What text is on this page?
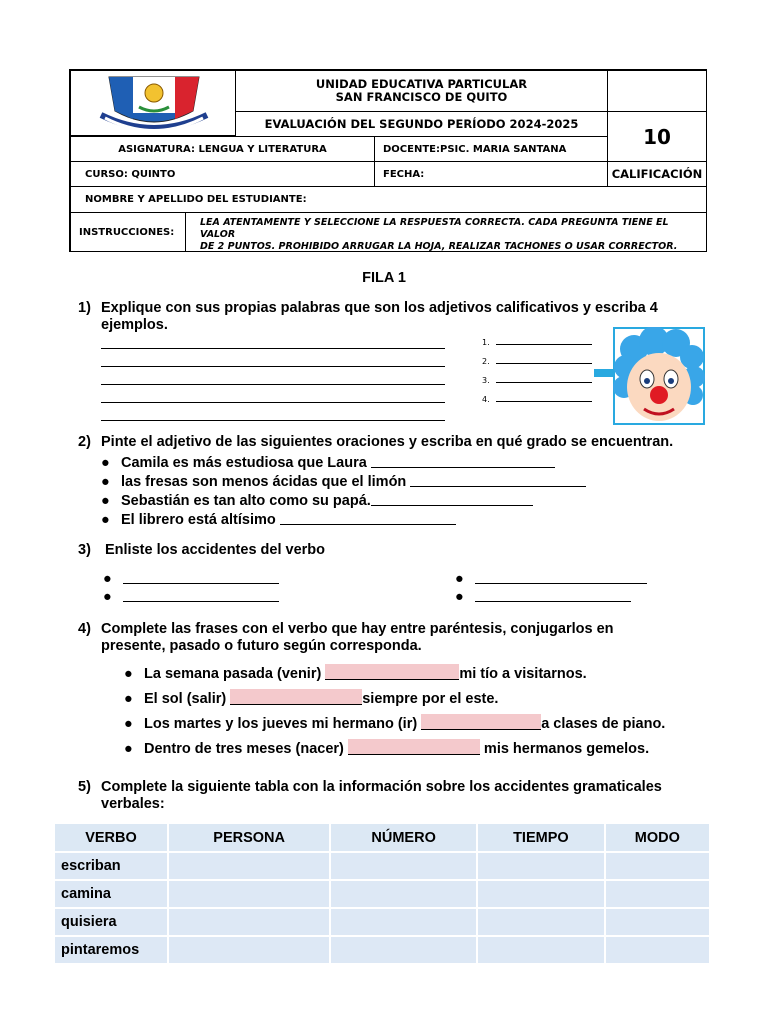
UNIDAD EDUCATIVA PARTICULAR
SAN FRANCISCO DE QUITO
EVALUACIÓN DEL SEGUNDO PERÍODO 2024-2025
10
ASIGNATURA: LENGUA Y LITERATURA	DOCENTE:PSIC. MARIA SANTANA
CURSO: QUINTO	FECHA:	CALIFICACIÓN
NOMBRE Y APELLIDO DEL ESTUDIANTE:
INSTRUCCIONES:
LEA ATENTAMENTE Y SELECCIONE LA RESPUESTA CORRECTA. CADA PREGUNTA TIENE EL VALOR
DE 2 PUNTOS. PROHIBIDO ARRUGAR LA HOJA, REALIZAR TACHONES O USAR CORRECTOR.
FILA 1
1) Explique con sus propias palabras que son los adjetivos calificativos y escriba 4
ejemplos.
1.
2.
3.
4.
2) Pinte el adjetivo de las siguientes oraciones y escriba en qué grado se encuentran.
● Camila es más estudiosa que Laura
● las fresas son menos ácidas que el limón
● Sebastián es tan alto como su papá.
● El librero está altísimo
3) Enliste los accidentes del verbo
●
●
●
●
4) Complete las frases con el verbo que hay entre paréntesis, conjugarlos en
presente, pasado o futuro según corresponda.
● La semana pasada (venir)	mi tío a visitarnos.
● El sol (salir)	siempre por el este.
● Los martes y los jueves mi hermano (ir)	a clases de piano.
● Dentro de tres meses (nacer)	mis hermanos gemelos.
5) Complete la siguiente tabla con la información sobre los accidentes gramaticales
verbales:
VERBO	PERSONA	NÚMERO	TIEMPO	MODO
escriban				
camina				
quisiera				
pintaremos				
